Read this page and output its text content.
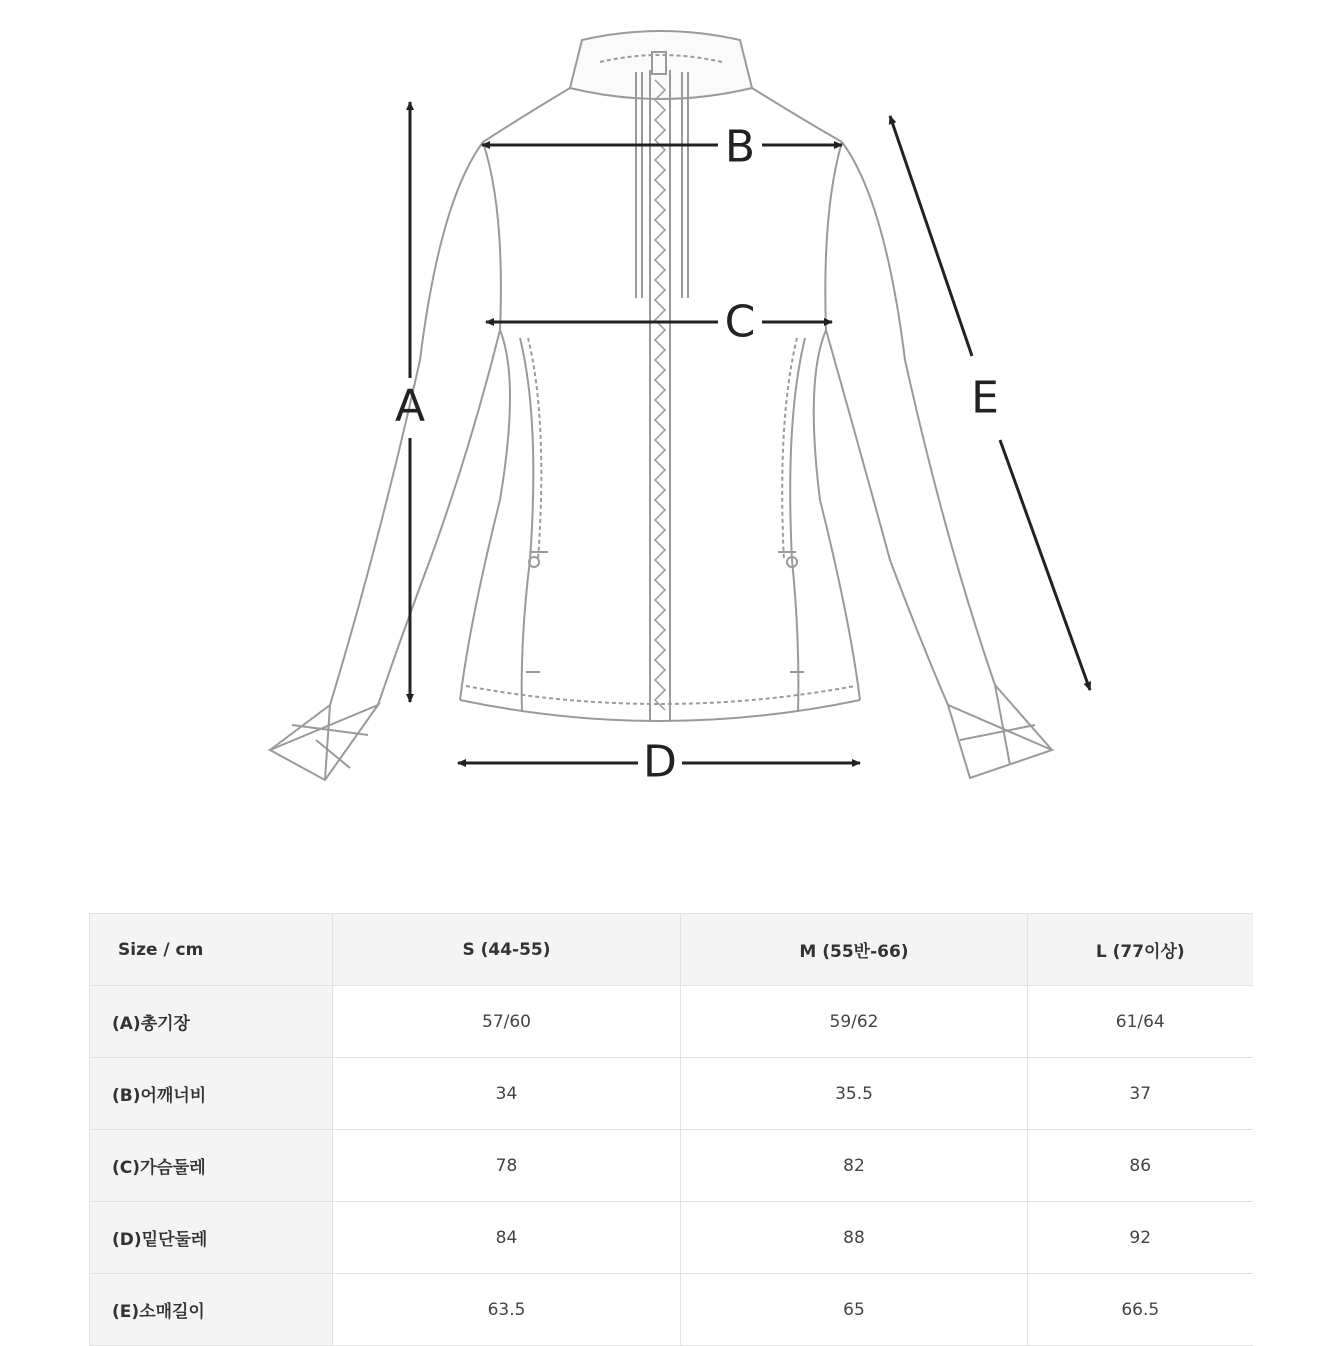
A
B
C
D
E
Size / cm	S (44-55)	M (55반-66)	L (77이상)
(A)총기장	57/60	59/62	61/64
(B)어깨너비	34	35.5	37
(C)가슴둘레	78	82	86
(D)밑단둘레	84	88	92
(E)소매길이	63.5	65	66.5
